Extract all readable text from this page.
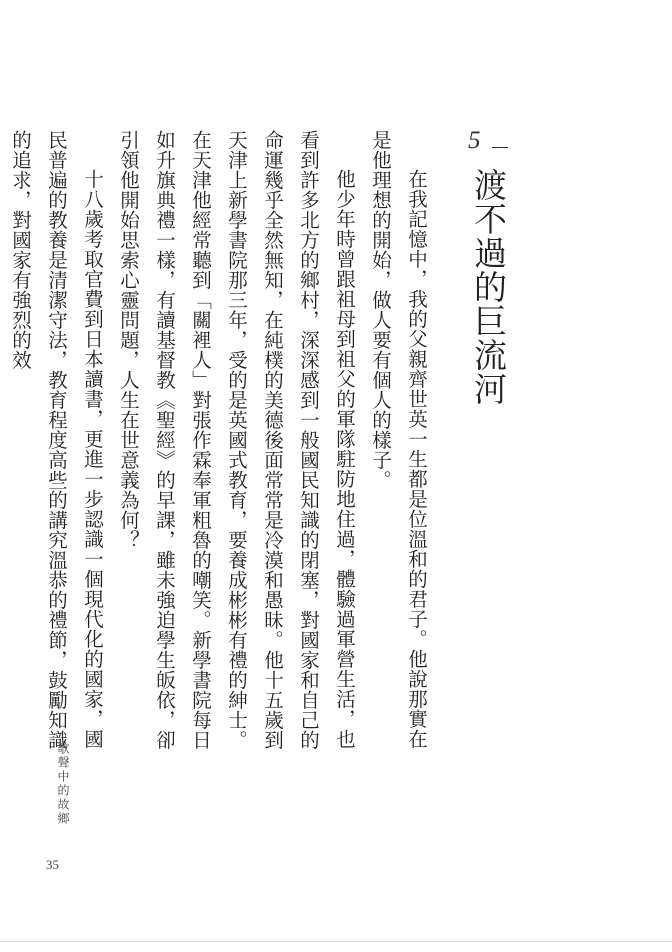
5
渡不過的巨流河

在我記憶中，我的父親齊世英一生都是位溫和的君子。他說那實在是他理想的開始，做人要有個人的樣子。

他少年時曾跟祖母到祖父的軍隊駐防地住過，體驗過軍營生活，也看到許多北方的鄉村，深深感到一般國民知識的閉塞，對國家和自己的命運幾乎全然無知，在純樸的美德後面常常是冷漠和愚昧。他十五歲到天津上新學書院那三年，受的是英國式教育，要養成彬彬有禮的紳士。在天津他經常聽到「關裡人」對張作霖奉軍粗魯的嘲笑。新學書院每日如升旗典禮一樣，有讀基督教《聖經》的早課，雖未強迫學生皈依，卻引領他開始思索心靈問題，人生在世意義為何？

十八歲考取官費到日本讀書，更進一步認識一個現代化的國家，國民普遍的教養是清潔守法，教育程度高些的講究溫恭的禮節，鼓勵知識的追求，對國家有強烈的效

歌聲中的故鄉
35
